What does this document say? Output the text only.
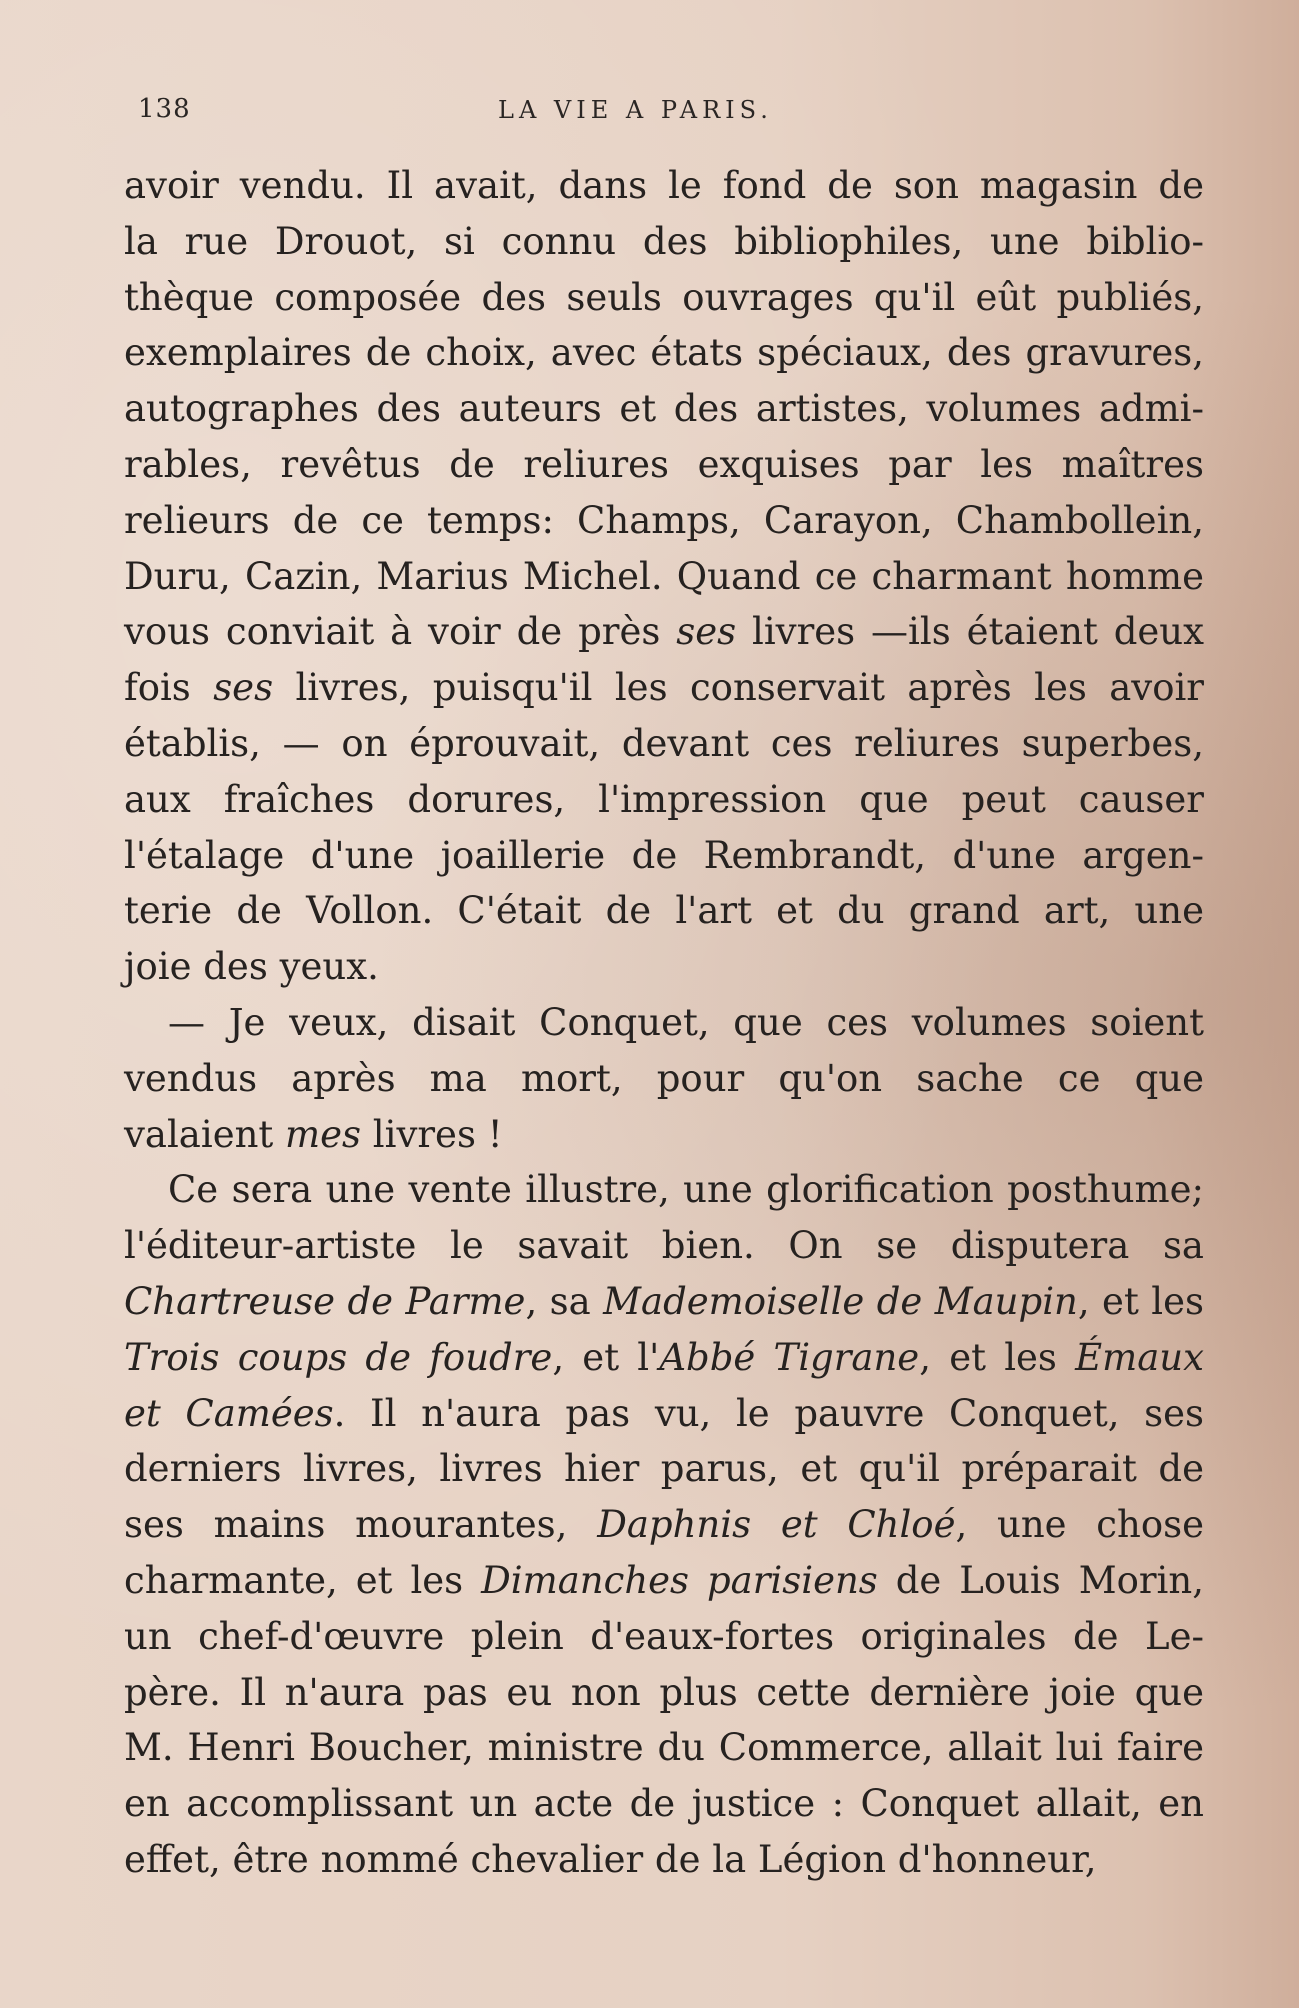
138	LA VIE A PARIS.
avoir vendu. Il avait, dans le fond de son magasin de
la rue Drouot, si connu des bibliophiles, une biblio-
thèque composée des seuls ouvrages qu'il eût publiés,
exemplaires de choix, avec états spéciaux, des gravures,
autographes des auteurs et des artistes, volumes admi-
rables, revêtus de reliures exquises par les maîtres
relieurs de ce temps: Champs, Carayon, Chambollein,
Duru, Cazin, Marius Michel. Quand ce charmant homme
vous conviait à voir de près ses livres —ils étaient deux
fois ses livres, puisqu'il les conservait après les avoir
établis, — on éprouvait, devant ces reliures superbes,
aux fraîches dorures, l'impression que peut causer
l'étalage d'une joaillerie de Rembrandt, d'une argen-
terie de Vollon. C'était de l'art et du grand art, une
joie des yeux.
— Je veux, disait Conquet, que ces volumes soient
vendus après ma mort, pour qu'on sache ce que
valaient mes livres !
Ce sera une vente illustre, une glorification posthume;
l'éditeur-artiste le savait bien. On se disputera sa
Chartreuse de Parme, sa Mademoiselle de Maupin, et les
Trois coups de foudre, et l'Abbé Tigrane, et les Émaux
et Camées. Il n'aura pas vu, le pauvre Conquet, ses
derniers livres, livres hier parus, et qu'il préparait de
ses mains mourantes, Daphnis et Chloé, une chose
charmante, et les Dimanches parisiens de Louis Morin,
un chef-d'œuvre plein d'eaux-fortes originales de Le-
père. Il n'aura pas eu non plus cette dernière joie que
M. Henri Boucher, ministre du Commerce, allait lui faire
en accomplissant un acte de justice : Conquet allait, en
effet, être nommé chevalier de la Légion d'honneur,
